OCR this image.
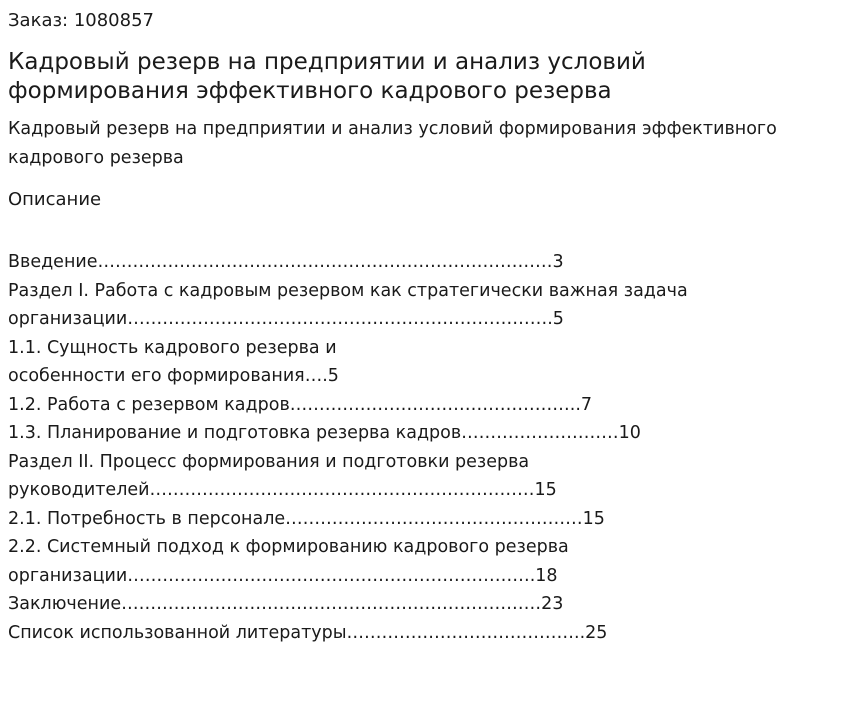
Заказ: 1080857
Кадровый резерв на предприятии и анализ условий формирования эффективного кадрового резерва

Кадровый резерв на предприятии и анализ условий формирования эффективного кадрового резерва

Описание

Введение……………………………………………………………………3
Раздел I. Работа с кадровым резервом как стратегически важная задача
организации……………………………………………………………….5
1.1. Сущность кадрового резерва и
особенности его формирования….5
1.2. Работа с резервом кадров…………………………………………..7
1.3. Планирование и подготовка резерва кадров………………………10
Раздел II. Процесс формирования и подготовки резерва
руководителей…………………………………………………………15
2.1. Потребность в персонале……………………………………………15
2.2. Системный подход к формированию кадрового резерва
организации…………………………………………………………….18
Заключение………………………………………………………………23
Список использованной литературы…………………………………..25
